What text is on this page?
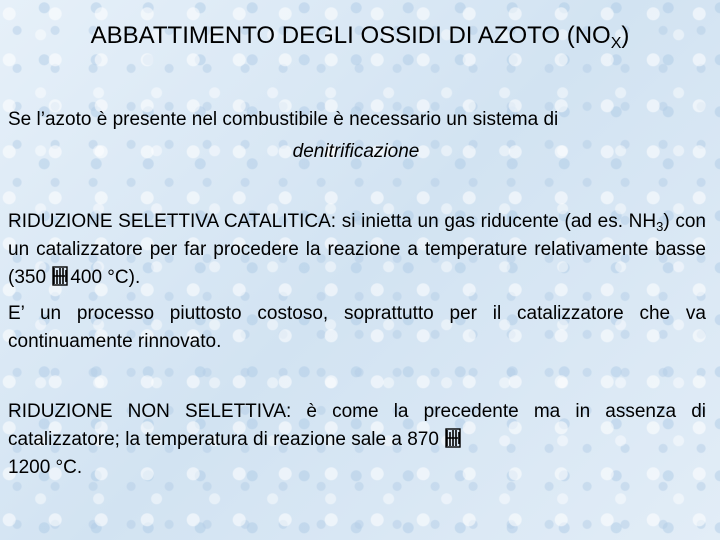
ABBATTIMENTO DEGLI OSSIDI DI AZOTO $(NO_X)$
Se l’azoto è presente nel combustibile è necessario un sistema di
denitrificazione
RIDUZIONE SELETTIVA CATALITICA: si inietta un gas riducente (ad es. $NH_3$) con un catalizzatore per far procedere la reazione a temperature relativamente basse (350 400 °C).
E’ un processo piuttosto costoso, soprattutto per il catalizzatore che va continuamente rinnovato.
RIDUZIONE NON SELETTIVA: è come la precedente ma in assenza di catalizzatore; la temperatura di reazione sale a 870
1200 °C.
